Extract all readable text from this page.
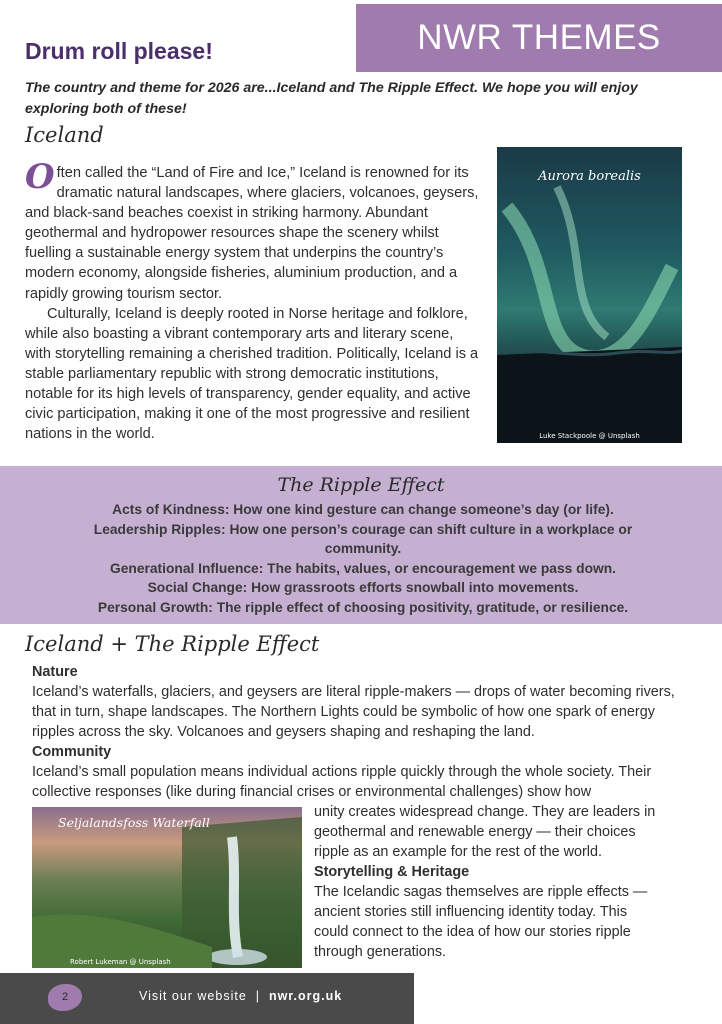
NWR THEMES
Drum roll please!
The country and theme for 2026 are...Iceland and The Ripple Effect. We hope you will enjoy exploring both of these!
Iceland

Often called the “Land of Fire and Ice,” Iceland is renowned for its dramatic natural landscapes, where glaciers, volcanoes, geysers, and black-sand beaches coexist in striking harmony. Abundant geothermal and hydropower resources shape the scenery whilst fuelling a sustainable energy system that underpins the country’s modern economy, alongside fisheries, aluminium production, and a rapidly growing tourism sector.

Culturally, Iceland is deeply rooted in Norse heritage and folklore, while also boasting a vibrant contemporary arts and literary scene, with storytelling remaining a cherished tradition. Politically, Iceland is a stable parliamentary republic with strong democratic institutions, notable for its high levels of transparency, gender equality, and active civic participation, making it one of the most progressive and resilient nations in the world.

Aurora borealis
Luke Stackpoole @ Unsplash
The Ripple Effect
Acts of Kindness: How one kind gesture can change someone’s day (or life).
Leadership Ripples: How one person’s courage can shift culture in a workplace or community.
Generational Influence: The habits, values, or encouragement we pass down.
Social Change: How grassroots efforts snowball into movements.
Personal Growth: The ripple effect of choosing positivity, gratitude, or resilience.
Iceland + The Ripple Effect
Nature
Iceland’s waterfalls, glaciers, and geysers are literal ripple-makers — drops of water becoming rivers, that in turn, shape landscapes. The Northern Lights could be symbolic of how one spark of energy ripples across the sky. Volcanoes and geysers shaping and reshaping the land.
Community
Iceland’s small population means individual actions ripple quickly through the whole society. Their collective responses (like during financial crises or environmental challenges) show how
Seljalandsfoss Waterfall
Robert Lukeman @ Unsplash
unity creates widespread change. They are leaders in geothermal and renewable energy — their choices ripple as an example for the rest of the world.
Storytelling & Heritage
The Icelandic sagas themselves are ripple effects — ancient stories still influencing identity today. This could connect to the idea of how our stories ripple through generations.
2	Visit our website | nwr.org.uk
